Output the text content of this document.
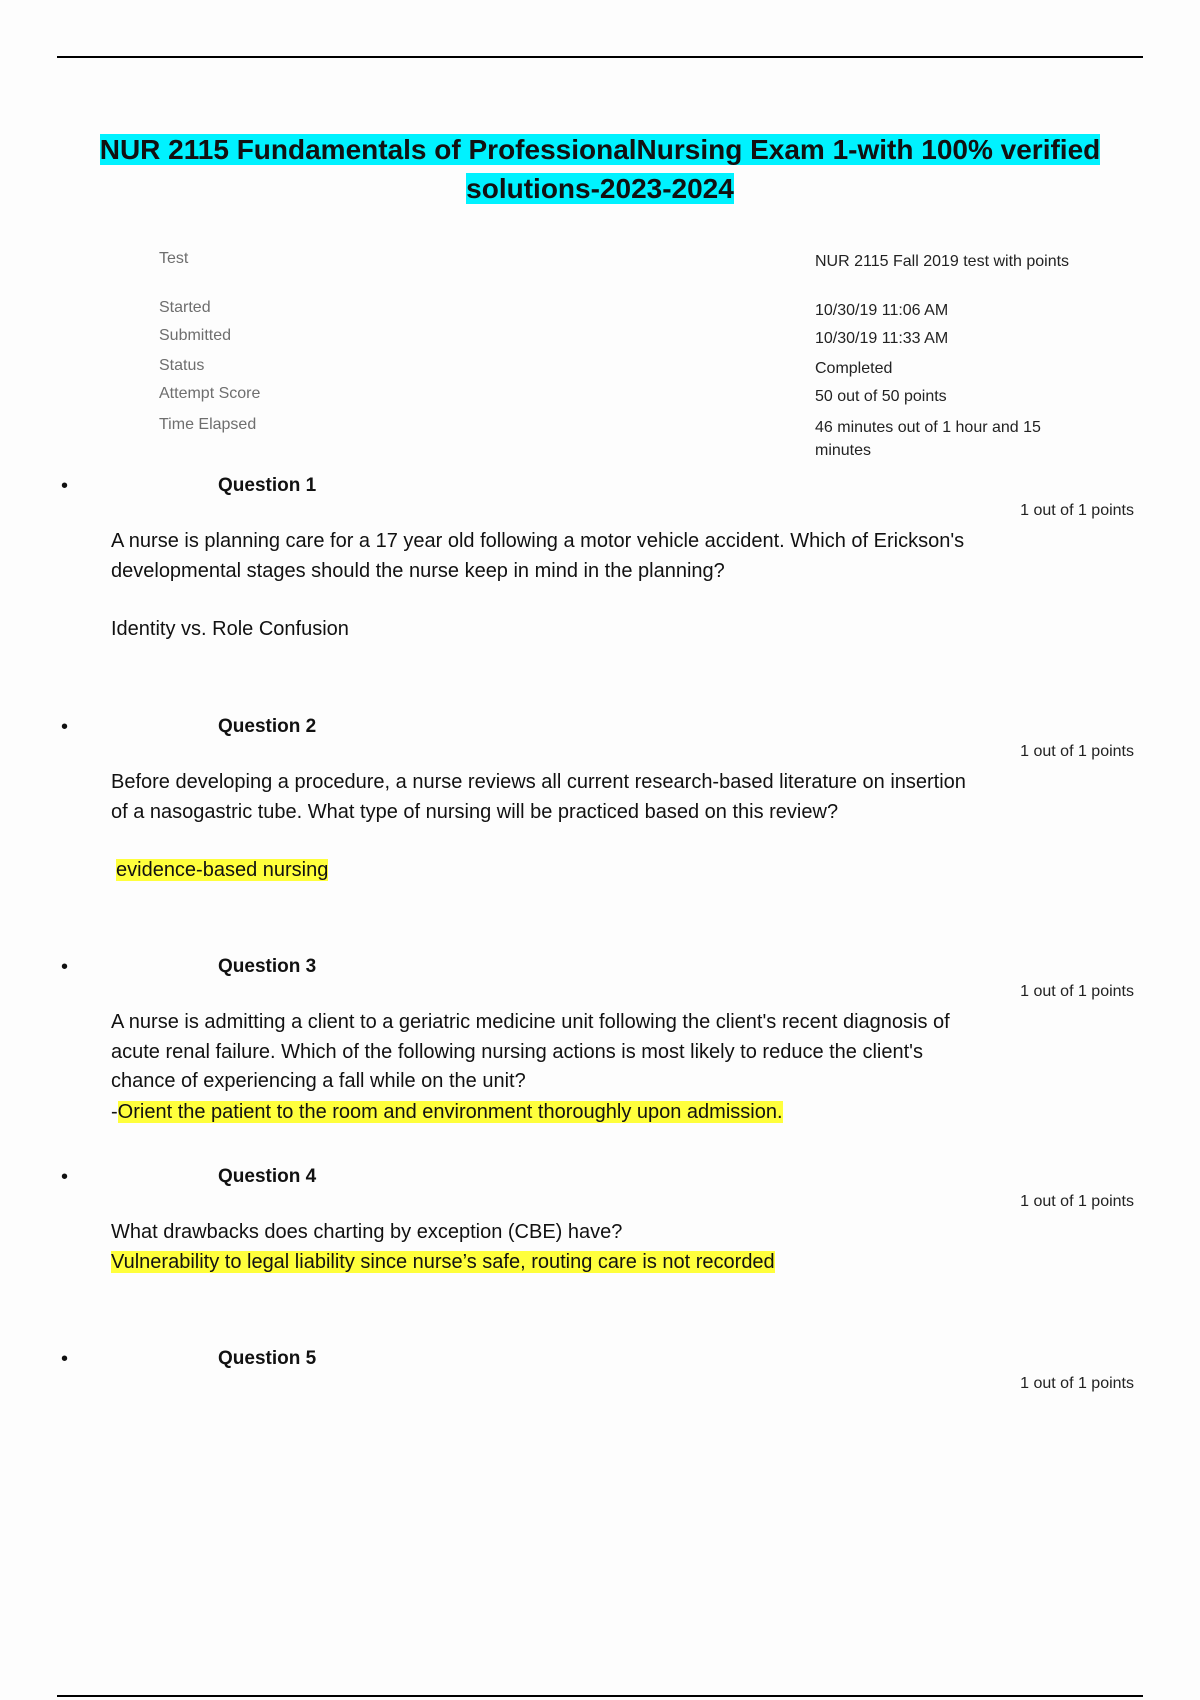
NUR 2115 Fundamentals of ProfessionalNursing Exam 1-with 100% verified solutions-2023-2024
Test	NUR 2115 Fall 2019 test with points
Started	10/30/19 11:06 AM
Submitted	10/30/19 11:33 AM
Status	Completed
Attempt Score	50 out of 50 points
Time Elapsed	46 minutes out of 1 hour and 15 minutes
•	Question 1
1 out of 1 points
A nurse is planning care for a 17 year old following a motor vehicle accident. Which of Erickson's developmental stages should the nurse keep in mind in the planning?
Identity vs. Role Confusion
•	Question 2
1 out of 1 points
Before developing a procedure, a nurse reviews all current research-based literature on insertion of a nasogastric tube. What type of nursing will be practiced based on this review?
evidence-based nursing
•	Question 3
1 out of 1 points
A nurse is admitting a client to a geriatric medicine unit following the client's recent diagnosis of acute renal failure. Which of the following nursing actions is most likely to reduce the client's chance of experiencing a fall while on the unit?
-Orient the patient to the room and environment thoroughly upon admission.
•	Question 4
1 out of 1 points
What drawbacks does charting by exception (CBE) have?
Vulnerability to legal liability since nurse’s safe, routing care is not recorded
•	Question 5
1 out of 1 points
